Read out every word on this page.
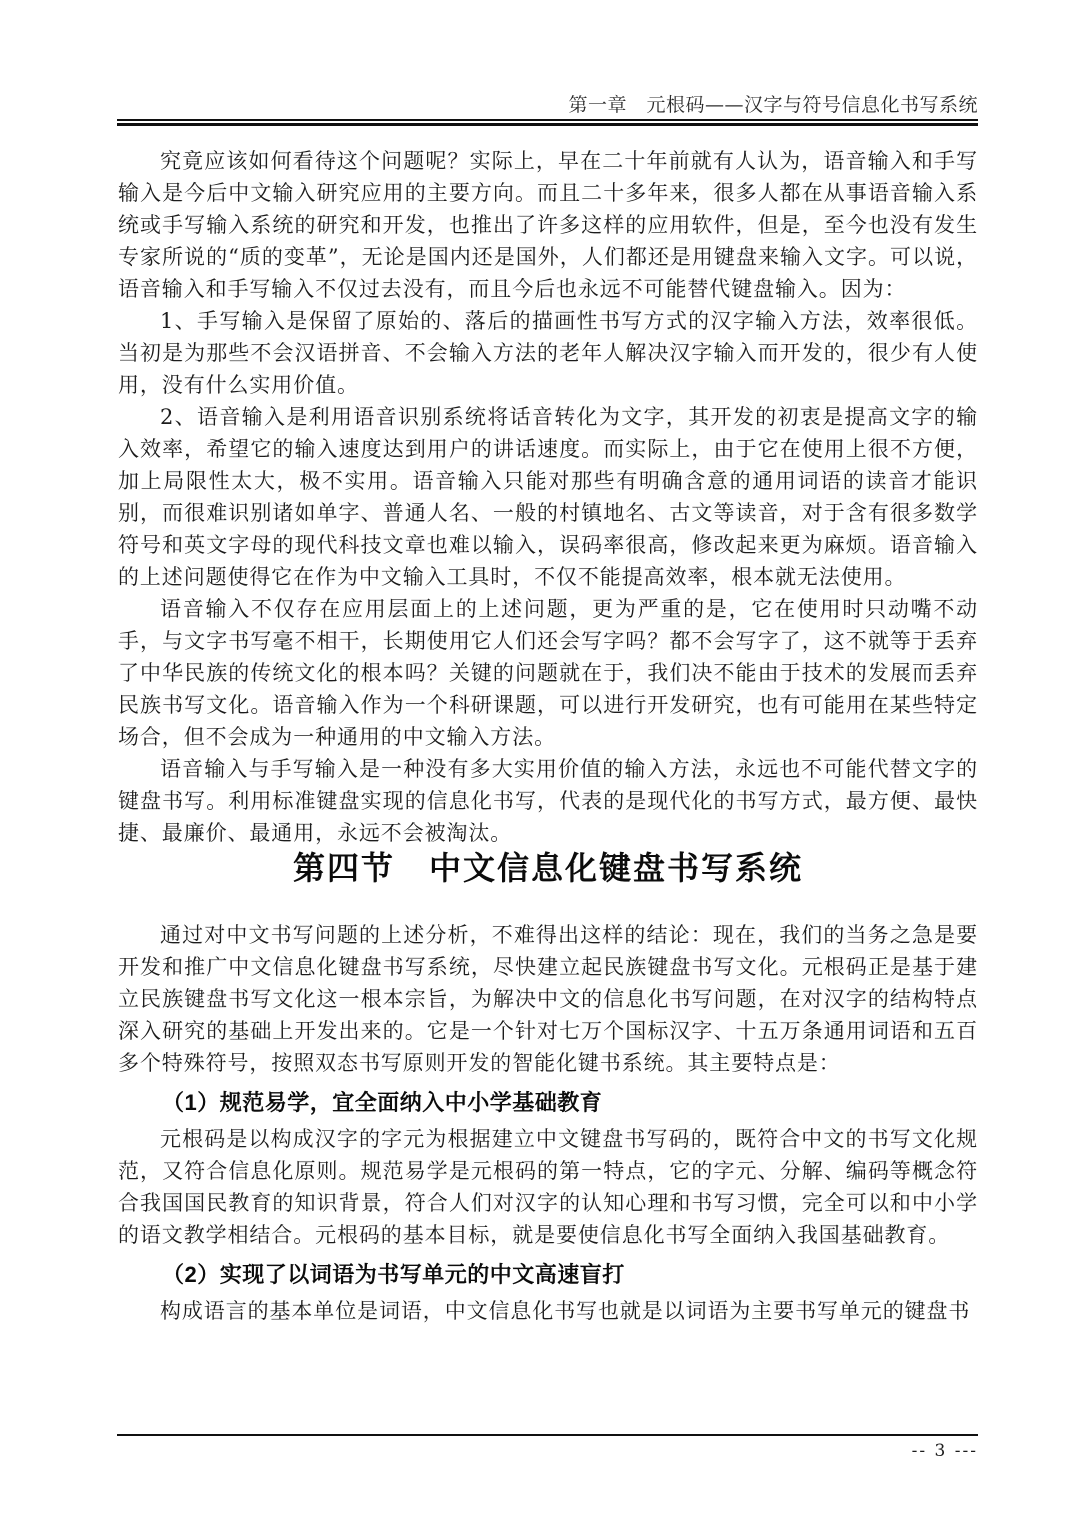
第一章　元根码——汉字与符号信息化书写系统

究竟应该如何看待这个问题呢？实际上，早在二十年前就有人认为，语音输入和手写输入是今后中文输入研究应用的主要方向。而且二十多年来，很多人都在从事语音输入系统或手写输入系统的研究和开发，也推出了许多这样的应用软件，但是，至今也没有发生专家所说的“质的变革”，无论是国内还是国外，人们都还是用键盘来输入文字。可以说，语音输入和手写输入不仅过去没有，而且今后也永远不可能替代键盘输入。因为：

1、手写输入是保留了原始的、落后的描画性书写方式的汉字输入方法，效率很低。当初是为那些不会汉语拼音、不会输入方法的老年人解决汉字输入而开发的，很少有人使用，没有什么实用价值。

2、语音输入是利用语音识别系统将话音转化为文字，其开发的初衷是提高文字的输入效率，希望它的输入速度达到用户的讲话速度。而实际上，由于它在使用上很不方便，加上局限性太大，极不实用。语音输入只能对那些有明确含意的通用词语的读音才能识别，而很难识别诸如单字、普通人名、一般的村镇地名、古文等读音，对于含有很多数学符号和英文字母的现代科技文章也难以输入，误码率很高，修改起来更为麻烦。语音输入的上述问题使得它在作为中文输入工具时，不仅不能提高效率，根本就无法使用。

语音输入不仅存在应用层面上的上述问题，更为严重的是，它在使用时只动嘴不动手，与文字书写毫不相干，长期使用它人们还会写字吗？都不会写字了，这不就等于丢弃了中华民族的传统文化的根本吗？关键的问题就在于，我们决不能由于技术的发展而丢弃民族书写文化。语音输入作为一个科研课题，可以进行开发研究，也有可能用在某些特定场合，但不会成为一种通用的中文输入方法。

语音输入与手写输入是一种没有多大实用价值的输入方法，永远也不可能代替文字的键盘书写。利用标准键盘实现的信息化书写，代表的是现代化的书写方式，最方便、最快捷、最廉价、最通用，永远不会被淘汰。

第四节　中文信息化键盘书写系统

通过对中文书写问题的上述分析，不难得出这样的结论：现在，我们的当务之急是要开发和推广中文信息化键盘书写系统，尽快建立起民族键盘书写文化。元根码正是基于建立民族键盘书写文化这一根本宗旨，为解决中文的信息化书写问题，在对汉字的结构特点深入研究的基础上开发出来的。它是一个针对七万个国标汉字、十五万条通用词语和五百多个特殊符号，按照双态书写原则开发的智能化键书系统。其主要特点是：

（1）规范易学，宜全面纳入中小学基础教育

元根码是以构成汉字的字元为根据建立中文键盘书写码的，既符合中文的书写文化规范，又符合信息化原则。规范易学是元根码的第一特点，它的字元、分解、编码等概念符合我国国民教育的知识背景，符合人们对汉字的认知心理和书写习惯，完全可以和中小学的语文教学相结合。元根码的基本目标，就是要使信息化书写全面纳入我国基础教育。

（2）实现了以词语为书写单元的中文高速盲打

构成语言的基本单位是词语，中文信息化书写也就是以词语为主要书写单元的键盘书

-- 3 ---
